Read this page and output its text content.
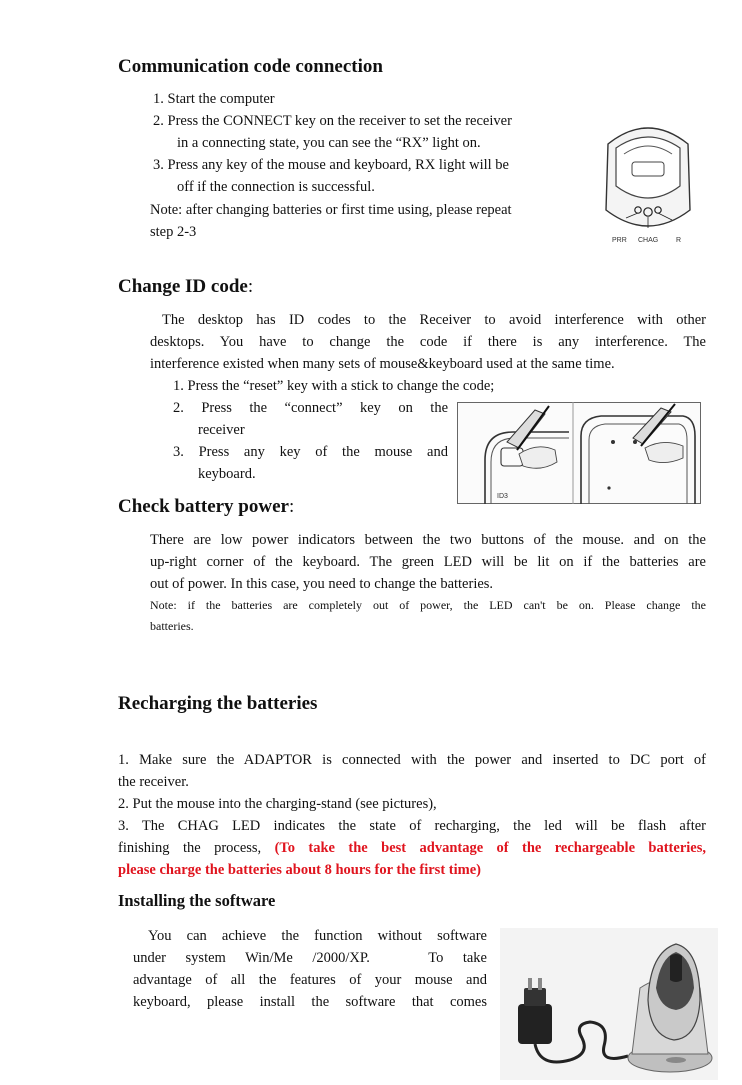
Communication code connection
1. Start the computer
2. Press the CONNECT key on the receiver to set the receiver
in a connecting state, you can see the “RX” light on.
3. Press any key of the mouse and keyboard, RX light will be
off if the connection is successful.
Note: after changing batteries or first time using, please repeat
step 2-3
PRR CHAG	R
Change ID code:
The desktop has ID codes to the Receiver to avoid interference with other
desktops. You have to change the code if there is any interference. The
interference existed when many sets of mouse&keyboard used at the same time.
1. Press the “reset” key with a stick to change the code;
2. Press the “connect” key on the
receiver
3. Press any key of the mouse and
keyboard.
ID3
Check battery power:
There are low power indicators between the two buttons of the mouse. and on the
up-right corner of the keyboard. The green LED will be lit on if the batteries are
out of power. In this case, you need to change the batteries.
Note: if the batteries are completely out of power, the LED can't be on. Please change the
batteries.
Recharging the batteries
1. Make sure the ADAPTOR is connected with the power and inserted to DC port of
the receiver.
2. Put the mouse into the charging-stand (see pictures),
3. The CHAG LED indicates the state of recharging, the led will be flash after
finishing the process, (To take the best advantage of the rechargeable batteries,
please charge the batteries about 8 hours for the first time)
Installing the software
You can achieve the function without software
under system Win/Me /2000/XP.   To take
advantage of all the features of your mouse and
keyboard, please install the software that comes
